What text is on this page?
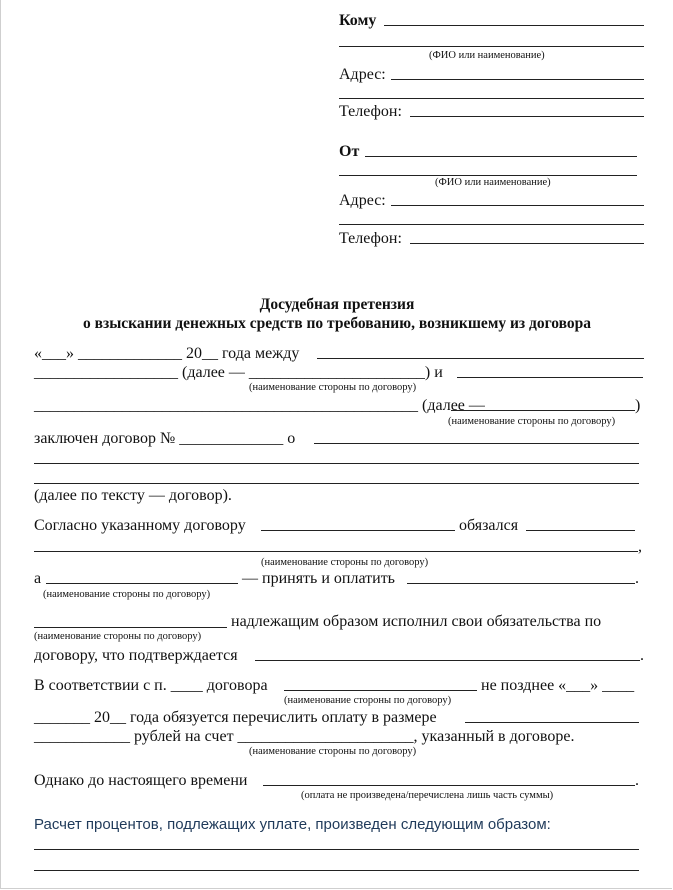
Кому
(ФИО или наименование)
Адрес:
Телефон:
От
(ФИО или наименование)
Адрес:
Телефон:
Досудебная претензия
о взыскании денежных средств по требованию, возникшему из договора
«___» _____________ 20__ года между
__________________ (далее — ______________________) и
(наименование стороны по договору)
________________________________________________ (далее —	)
(наименование стороны по договору)
заключен договор № _____________ о
(далее по тексту — договор).
Согласно указанному договору	обязался
,
(наименование стороны по договору)
а	— принять и оплатить	.
(наименование стороны по договору)
надлежащим образом исполнил свои обязательства по
(наименование стороны по договору)
договору, что подтверждается	.
В соответствии с п. ____ договора	не позднее «___» ____
(наименование стороны по договору)
_______ 20__ года обязуется перечислить оплату в размере
____________ рублей на счет ______________________, указанный в договоре.
(наименование стороны по договору)
Однако до настоящего времени	.
(оплата не произведена/перечислена лишь часть суммы)
Расчет процентов, подлежащих уплате, произведен следующим образом:
